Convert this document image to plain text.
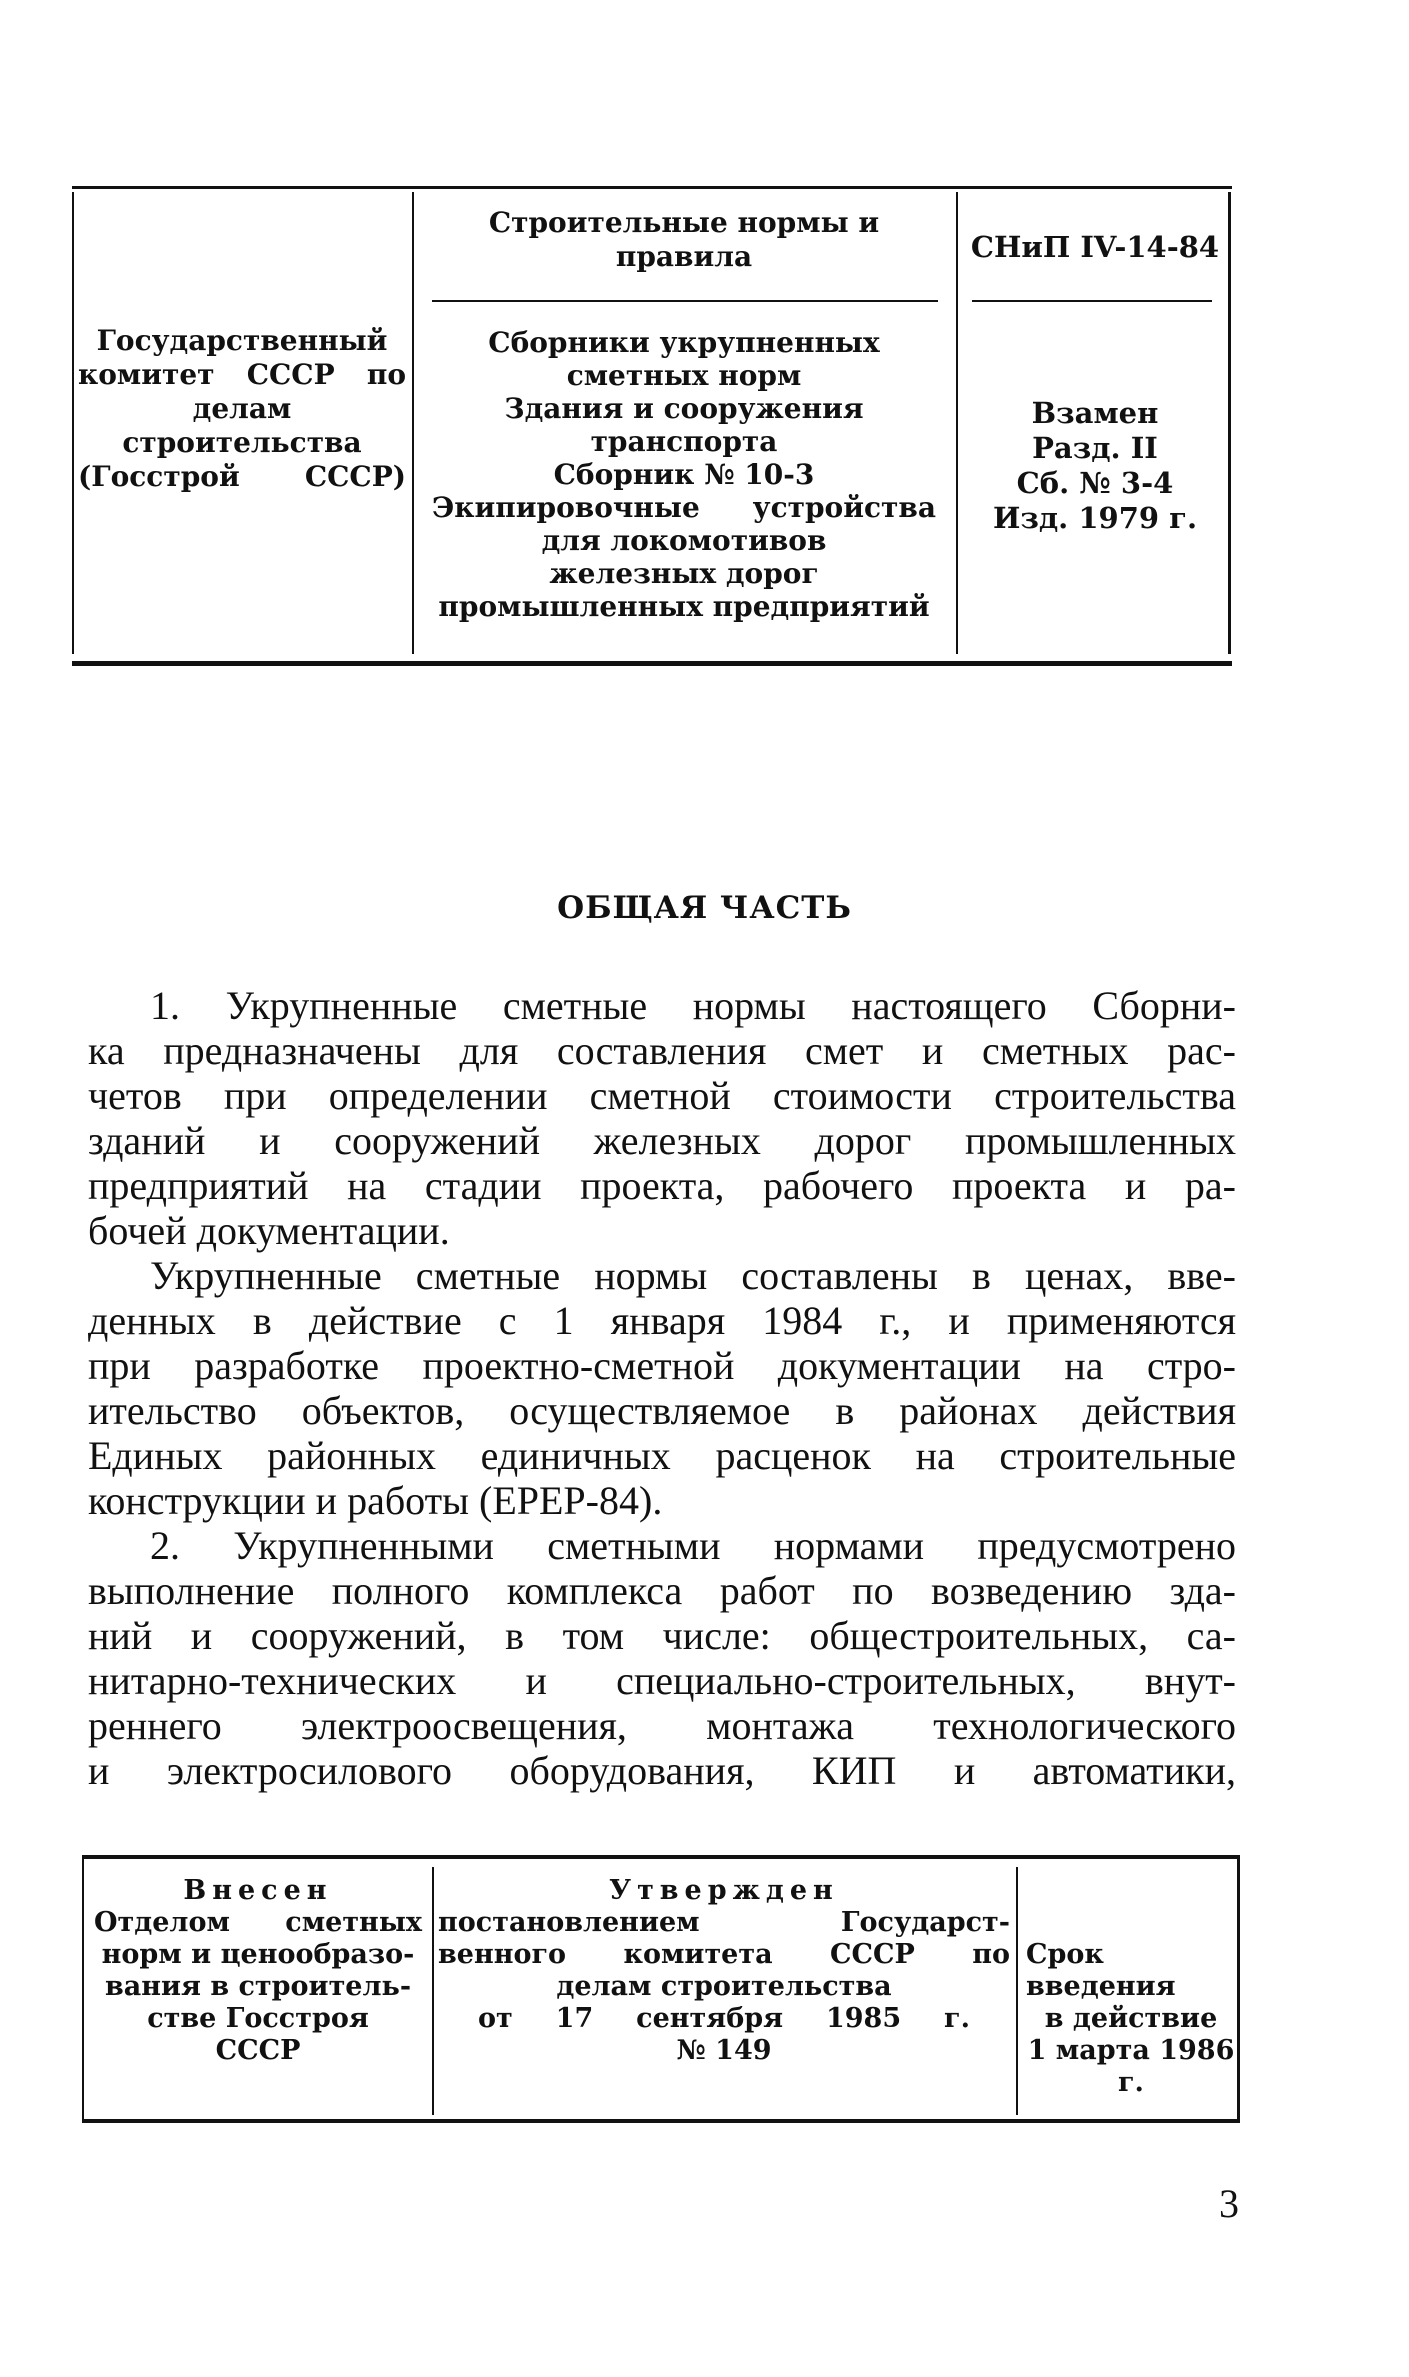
Государственный
комитет СССР по
делам
строительства
(Госстрой СССР)
Строительные нормы и
правила	СНиП IV-14-84
Сборники укрупненных
сметных норм
Здания и сооружения
транспорта
Сборник № 10-3
Экипировочные устройства
для локомотивов
железных дорог
промышленных предприятий
Взамен
Разд. II
Сб. № 3-4
Изд. 1979 г.
ОБЩАЯ ЧАСТЬ

1. Укрупненные сметные нормы настоящего Сборни-
ка предназначены для составления смет и сметных рас-
четов при определении сметной стоимости строительства
зданий и сооружений железных дорог промышленных
предприятий на стадии проекта, рабочего проекта и ра-
бочей документации.

Укрупненные сметные нормы составлены в ценах, вве-
денных в действие с 1 января 1984 г., и применяются
при разработке проектно-сметной документации на стро-
ительство объектов, осуществляемое в районах действия
Единых районных единичных расценок на строительные
конструкции и работы (ЕРЕР-84).

2. Укрупненными сметными нормами предусмотрено
выполнение полного комплекса работ по возведению зда-
ний и сооружений, в том числе: общестроительных, са-
нитарно-технических и специально-строительных, внут-
реннего электроосвещения, монтажа технологического
и электросилового оборудования, КИП и автоматики,

Внесен
Отделом сметных
норм и ценообразо-
вания в строитель-
стве Госстроя
СССР
Утвержден
постановлением Государст-
венного комитета СССР по
делам строительства
от 17 сентября 1985 г.
№ 149
Срок введения
в действие
1 марта 1986 г.
3
